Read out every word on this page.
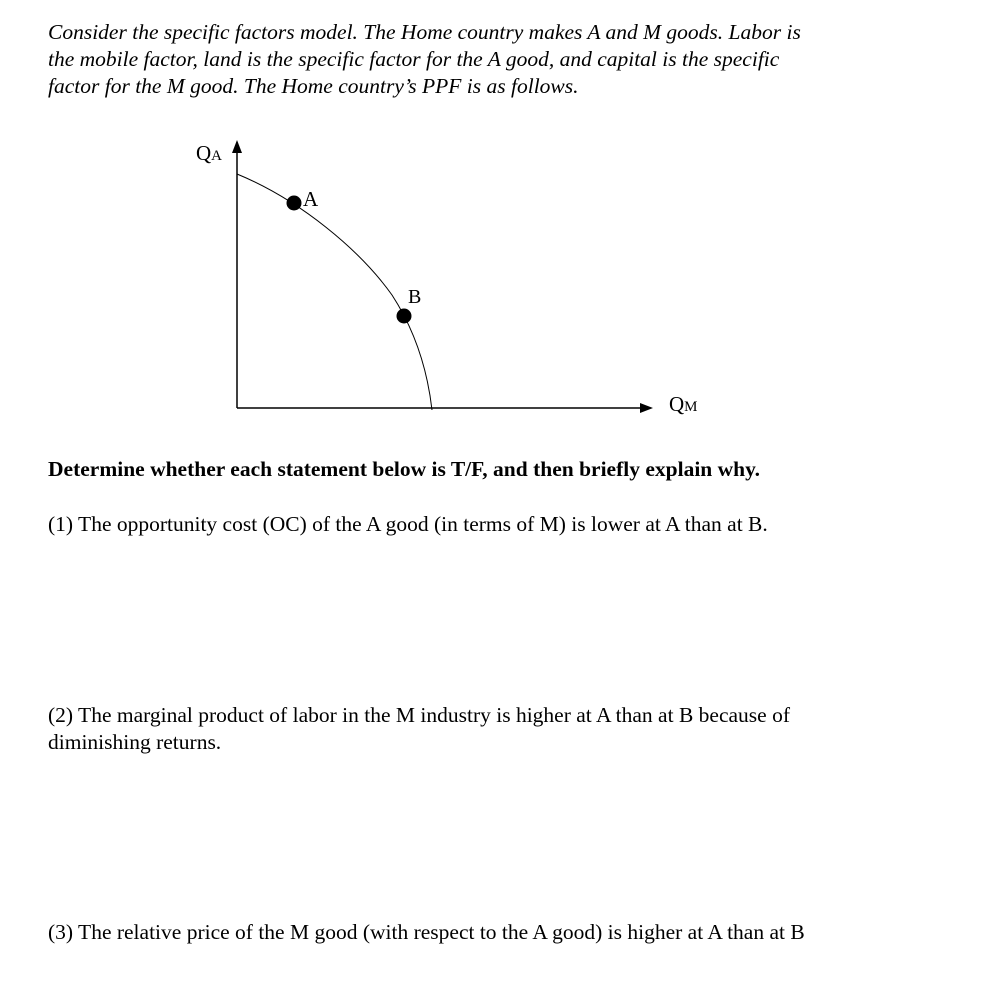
Consider the specific factors model. The Home country makes A and M goods. Labor is
the mobile factor, land is the specific factor for the A good, and capital is the specific
factor for the M good. The Home country’s PPF is as follows.

A
B
QA
QM

Determine whether each statement below is T/F, and then briefly explain why.

(1) The opportunity cost (OC) of the A good (in terms of M) is lower at A than at B.

(2) The marginal product of labor in the M industry is higher at A than at B because of
diminishing returns.

(3) The relative price of the M good (with respect to the A good) is higher at A than at B
